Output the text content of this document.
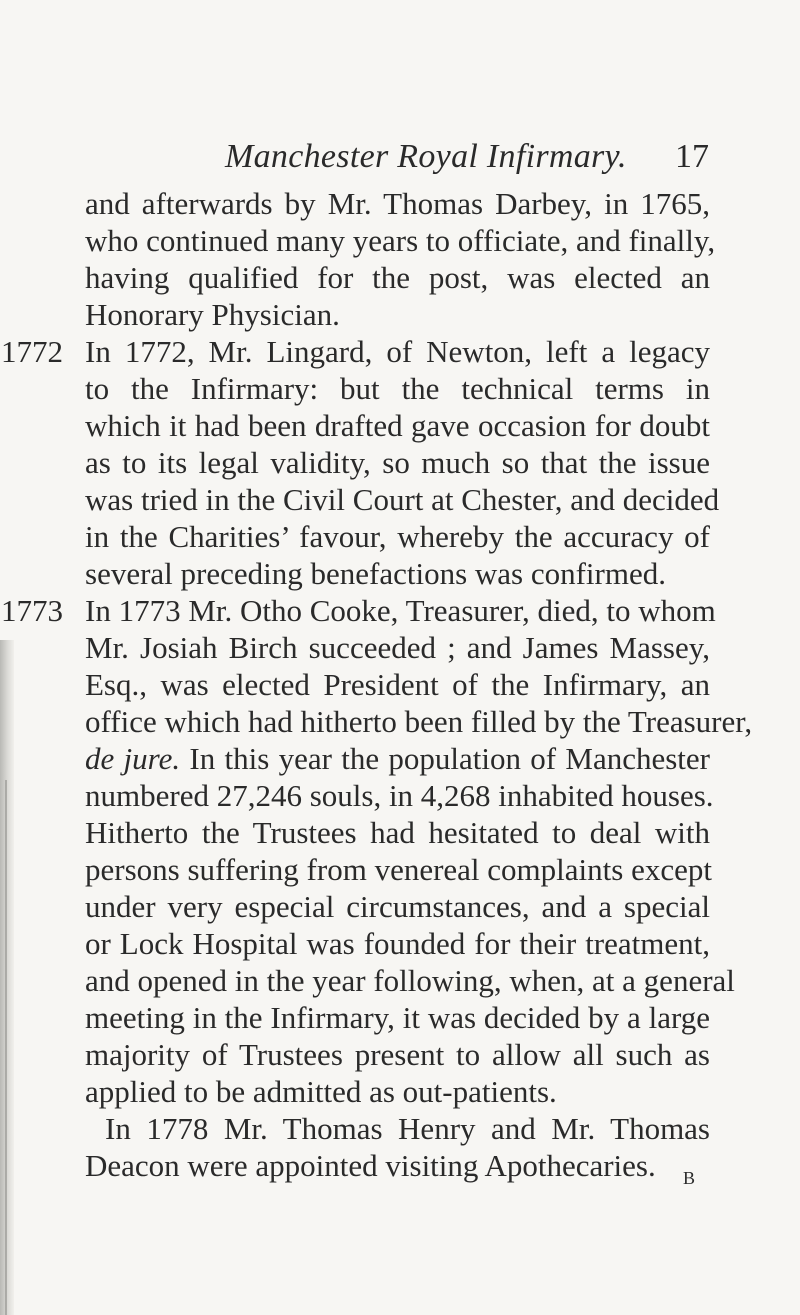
Manchester Royal Infirmary. 17
and afterwards by Mr. Thomas Darbey, in 1765,
who continued many years to officiate, and finally,
having qualified for the post, was elected an
Honorary Physician.
1772 In 1772, Mr. Lingard, of Newton, left a legacy
to the Infirmary: but the technical terms in
which it had been drafted gave occasion for doubt
as to its legal validity, so much so that the issue
was tried in the Civil Court at Chester, and decided
in the Charities’ favour, whereby the accuracy of
several preceding benefactions was confirmed.
1773 In 1773 Mr. Otho Cooke, Treasurer, died, to whom
Mr. Josiah Birch succeeded ; and James Massey,
Esq., was elected President of the Infirmary, an
office which had hitherto been filled by the Treasurer,
de jure. In this year the population of Manchester
numbered 27,246 souls, in 4,268 inhabited houses.
Hitherto the Trustees had hesitated to deal with
persons suffering from venereal complaints except
under very especial circumstances, and a special
or Lock Hospital was founded for their treatment,
and opened in the year following, when, at a general
meeting in the Infirmary, it was decided by a large
majority of Trustees present to allow all such as
applied to be admitted as out-patients.
In 1778 Mr. Thomas Henry and Mr. Thomas
Deacon were appointed visiting Apothecaries.	B
